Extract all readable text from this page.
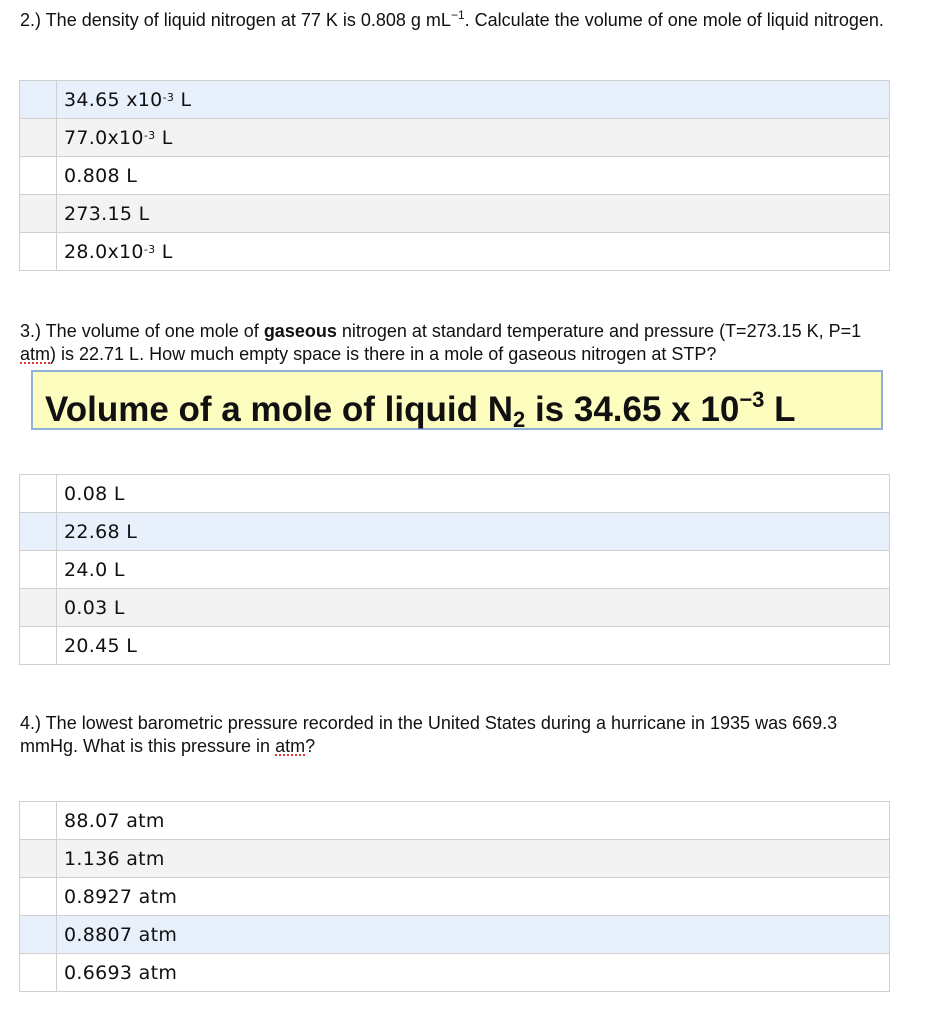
2.) The density of liquid nitrogen at 77 K is 0.808 g $mL^{-1}$. Calculate the volume of one mole of liquid nitrogen.

	34.65 $x10^{-3}$ L
	$77.0x10^{-3}$ L
	0.808 L
	273.15 L
	$28.0x10^{-3}$ L

3.) The volume of one mole of gaseous nitrogen at standard temperature and pressure (T=273.15 K, P=1 atm) is 22.71 L. How much empty space is there in a mole of gaseous nitrogen at STP?

Volume of a mole of liquid $N_2$ is 34.65 x $10^{-3}$ L
	0.08 L
	22.68 L
	24.0 L
	0.03 L
	20.45 L

4.) The lowest barometric pressure recorded in the United States during a hurricane in 1935 was 669.3 mmHg. What is this pressure in atm?

	88.07 atm
	1.136 atm
	0.8927 atm
	0.8807 atm
	0.6693 atm
